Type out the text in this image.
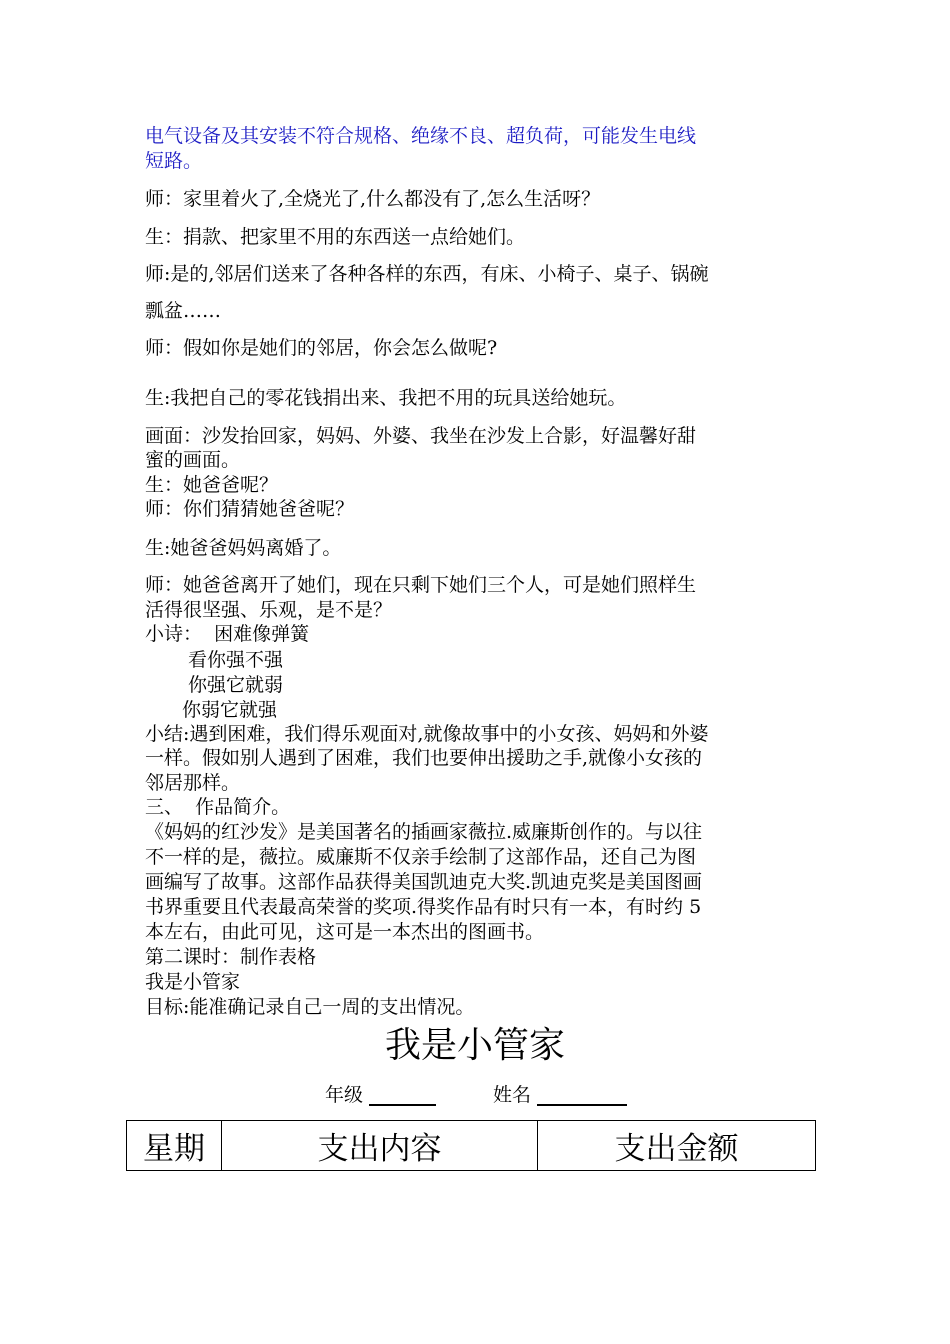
电气设备及其安装不符合规格、绝缘不良、超负荷，可能发生电线

短路。

师：家里着火了,全烧光了,什么都没有了,怎么生活呀？

生：捐款、把家里不用的东西送一点给她们。

师:是的,邻居们送来了各种各样的东西，有床、小椅子、桌子、锅碗

瓢盆……

师：假如你是她们的邻居，你会怎么做呢?

生:我把自己的零花钱捐出来、我把不用的玩具送给她玩。

画面：沙发抬回家，妈妈、外婆、我坐在沙发上合影，好温馨好甜

蜜的画面。

生：她爸爸呢？

师：你们猜猜她爸爸呢？

生:她爸爸妈妈离婚了。

师：她爸爸离开了她们，现在只剩下她们三个人，可是她们照样生

活得很坚强、乐观，是不是？

小诗：  困难像弹簧

看你强不强

你强它就弱

你弱它就强

小结:遇到困难，我们得乐观面对,就像故事中的小女孩、妈妈和外婆

一样。假如别人遇到了困难，我们也要伸出援助之手,就像小女孩的

邻居那样。

三、  作品简介。

《妈妈的红沙发》是美国著名的插画家薇拉.威廉斯创作的。与以往

不一样的是，薇拉。威廉斯不仅亲手绘制了这部作品，还自己为图

画编写了故事。这部作品获得美国凯迪克大奖.凯迪克奖是美国图画

书界重要且代表最高荣誉的奖项.得奖作品有时只有一本，有时约 5

本左右，由此可见，这可是一本杰出的图画书。

第二课时：制作表格

我是小管家

目标:能准确记录自己一周的支出情况。

我是小管家
年级	姓名
星期	支出内容	支出金额
